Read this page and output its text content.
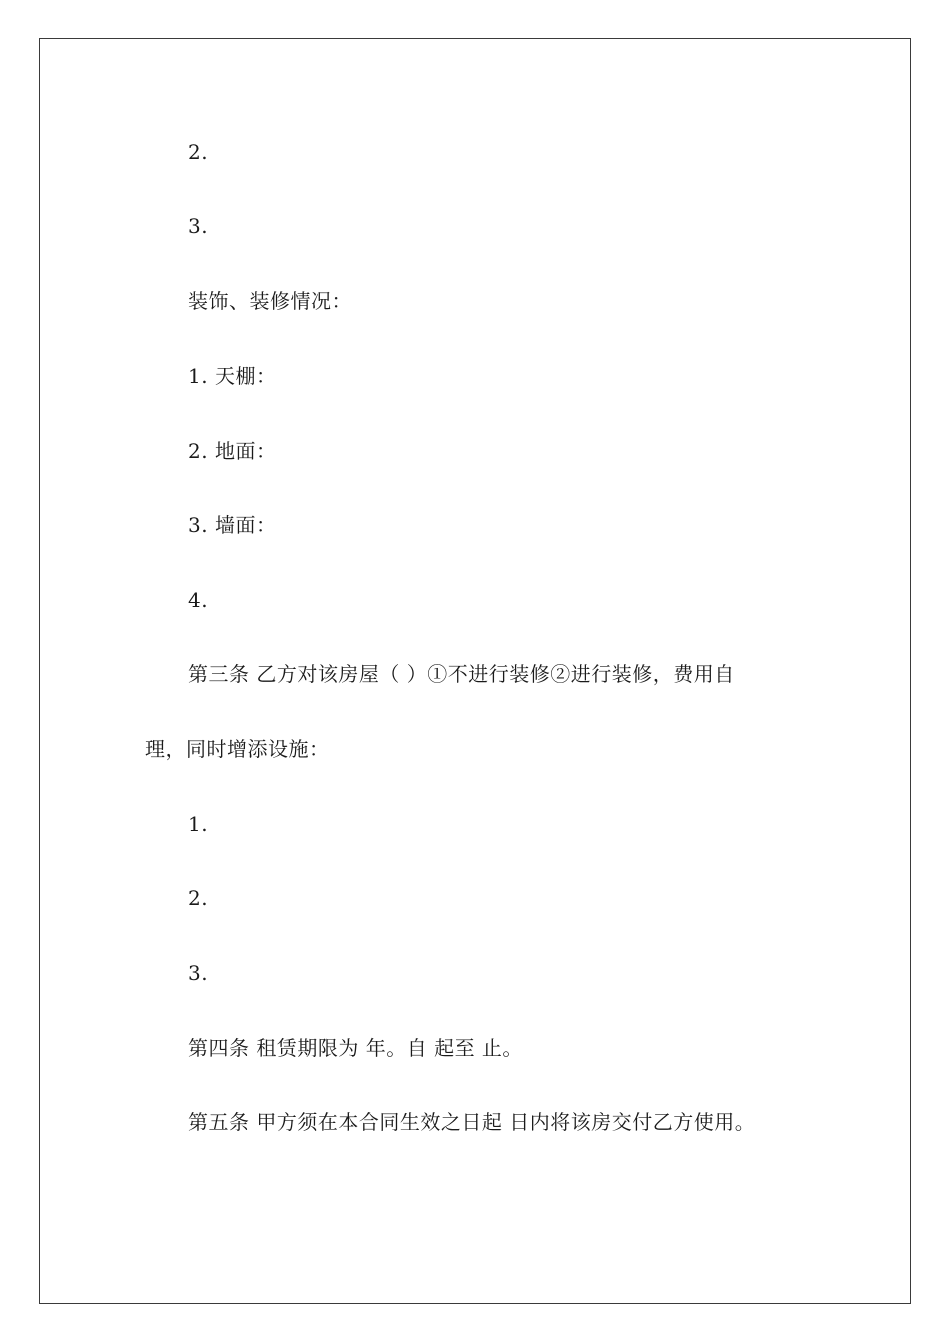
2.
3.
装饰、装修情况：
1. 天棚：
2. 地面：
3. 墙面：
4.
第三条 乙方对该房屋（ ）①不进行装修②进行装修，费用自
理，同时增添设施：
1.
2.
3.
第四条 租赁期限为 年。自 起至 止。
第五条 甲方须在本合同生效之日起 日内将该房交付乙方使用。
